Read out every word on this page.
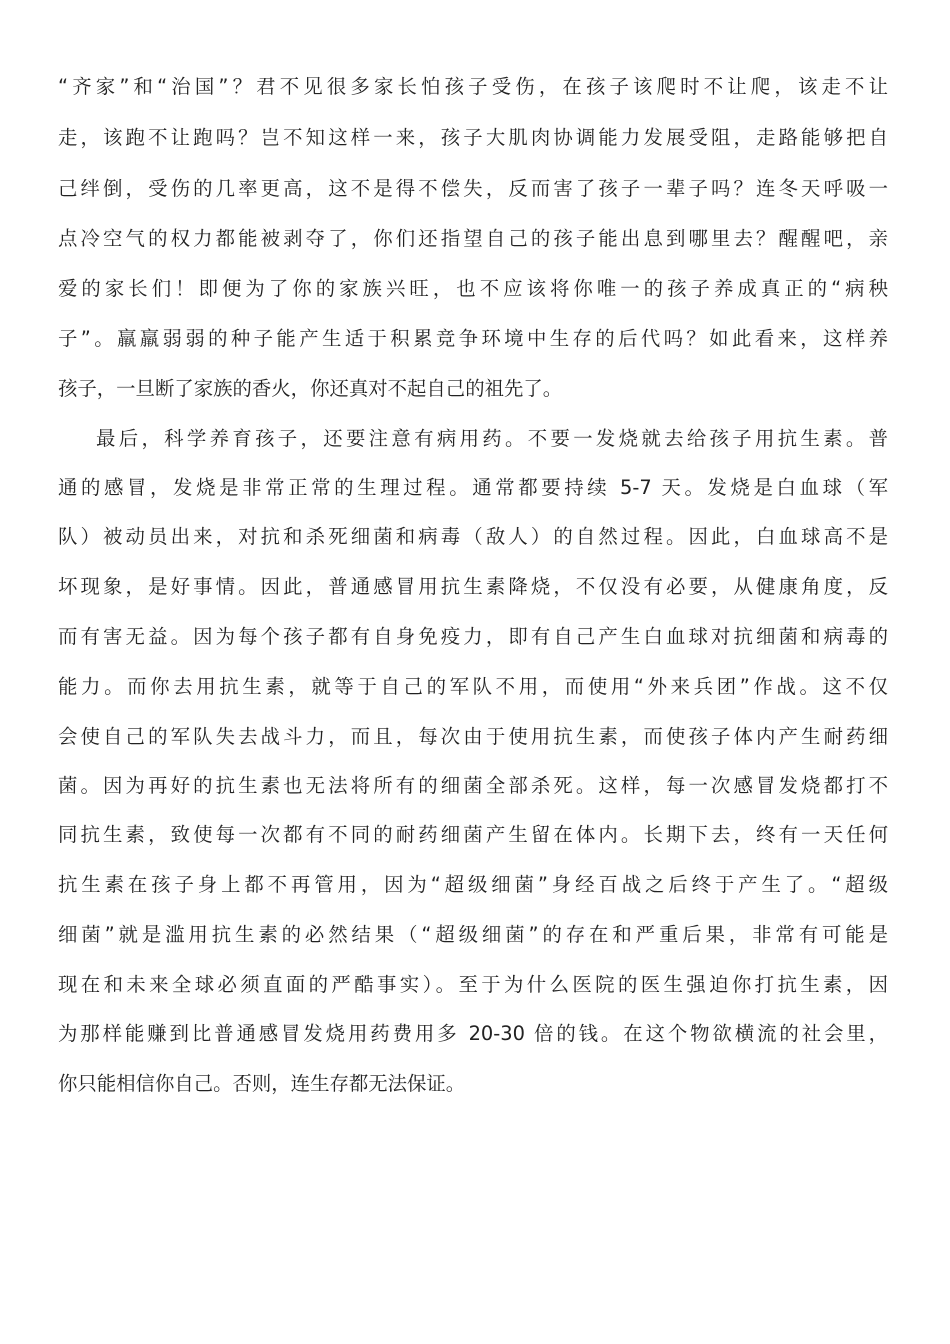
“齐家”和“治国”？君不见很多家长怕孩子受伤，在孩子该爬时不让爬，该走不让
走，该跑不让跑吗？岂不知这样一来，孩子大肌肉协调能力发展受阻，走路能够把自
己绊倒，受伤的几率更高，这不是得不偿失，反而害了孩子一辈子吗？连冬天呼吸一
点冷空气的权力都能被剥夺了，你们还指望自己的孩子能出息到哪里去？醒醒吧，亲
爱的家长们！即便为了你的家族兴旺，也不应该将你唯一的孩子养成真正的“病秧
子”。羸羸弱弱的种子能产生适于积累竞争环境中生存的后代吗？如此看来，这样养
孩子，一旦断了家族的香火，你还真对不起自己的祖先了。
最后，科学养育孩子，还要注意有病用药。不要一发烧就去给孩子用抗生素。普
通的感冒，发烧是非常正常的生理过程。通常都要持续 5-7 天。发烧是白血球（军
队）被动员出来，对抗和杀死细菌和病毒（敌人）的自然过程。因此，白血球高不是
坏现象，是好事情。因此，普通感冒用抗生素降烧，不仅没有必要，从健康角度，反
而有害无益。因为每个孩子都有自身免疫力，即有自己产生白血球对抗细菌和病毒的
能力。而你去用抗生素，就等于自己的军队不用，而使用“外来兵团”作战。这不仅
会使自己的军队失去战斗力，而且，每次由于使用抗生素，而使孩子体内产生耐药细
菌。因为再好的抗生素也无法将所有的细菌全部杀死。这样，每一次感冒发烧都打不
同抗生素，致使每一次都有不同的耐药细菌产生留在体内。长期下去，终有一天任何
抗生素在孩子身上都不再管用，因为“超级细菌”身经百战之后终于产生了。“超级
细菌”就是滥用抗生素的必然结果（“超级细菌”的存在和严重后果，非常有可能是
现在和未来全球必须直面的严酷事实）。至于为什么医院的医生强迫你打抗生素，因
为那样能赚到比普通感冒发烧用药费用多 20-30 倍的钱。在这个物欲横流的社会里，
你只能相信你自己。否则，连生存都无法保证。
